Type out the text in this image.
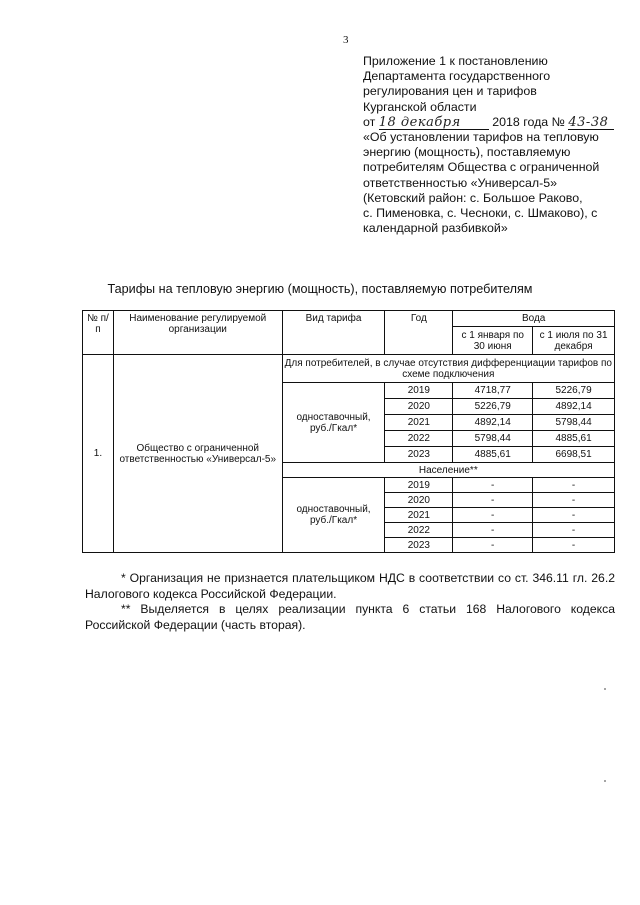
3
Приложение 1 к постановлению
Департамента государственного
регулирования цен и тарифов
Курганской области
от 18 декабря	2018 года № 43-38
«Об установлении тарифов на тепловую
энергию (мощность), поставляемую
потребителям Общества с ограниченной
ответственностью «Универсал-5»
(Кетовский район: с. Большое Раково,
с. Пименовка, с. Чесноки, с. Шмаково), с
календарной разбивкой»
Тарифы на тепловую энергию (мощность), поставляемую потребителям
№ п/п	Наименование регулируемой организации	Вид тарифа	Год	Вода	
				с 1 января по 30 июня	с 1 июля по 31 декабря
1.	Общество с ограниченной ответственностью «Универсал-5»	Для потребителей, в случае отсутствия дифференциации тарифов по схеме подключения			
		одноставочный, руб./Гкал*	2019	4718,77	5226,79
			2020	5226,79	4892,14
			2021	4892,14	5798,44
			2022	5798,44	4885,61
			2023	4885,61	6698,51
		Население**			
		одноставочный, руб./Гкал*	2019	-	-
			2020	-	-
			2021	-	-
			2022	-	-
			2023	-	-

* Организация не признается плательщиком НДС в соответствии со ст. 346.11 гл. 26.2 Налогового кодекса Российской Федерации.

** Выделяется в целях реализации пункта 6 статьи 168 Налогового кодекса Российской Федерации (часть вторая).
